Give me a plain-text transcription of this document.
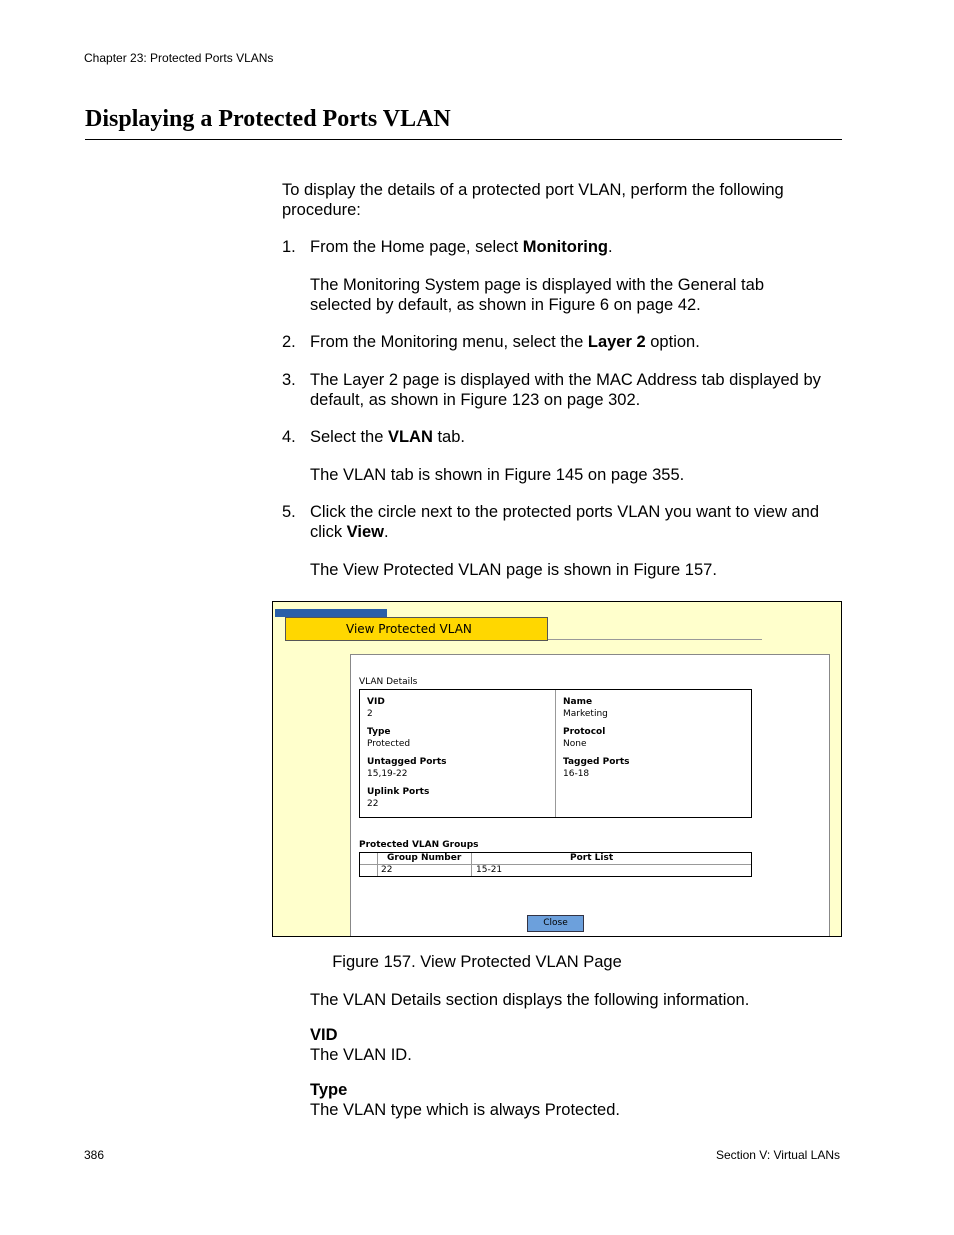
Chapter 23: Protected Ports VLANs
Displaying a Protected Ports VLAN

To display the details of a protected port VLAN, perform the following procedure:

1. From the Home page, select Monitoring.

The Monitoring System page is displayed with the General tab selected by default, as shown in Figure 6 on page 42.

2. From the Monitoring menu, select the Layer 2 option.

3. The Layer 2 page is displayed with the MAC Address tab displayed by default, as shown in Figure 123 on page 302.

4. Select the VLAN tab.

The VLAN tab is shown in Figure 145 on page 355.

5. Click the circle next to the protected ports VLAN you want to view and click View.

The View Protected VLAN page is shown in Figure 157.

View Protected VLAN
VLAN Details
VID
2
Type
Protected
Untagged Ports
15,19-22
Uplink Ports
22
Name
Marketing
Protocol
None
Tagged Ports
16-18
Protected VLAN Groups
Group Number	Port List
22	15-21
Close
Figure 157. View Protected VLAN Page

The VLAN Details section displays the following information.

VID

The VLAN ID.

Type

The VLAN type which is always Protected.

386	Section V: Virtual LANs
